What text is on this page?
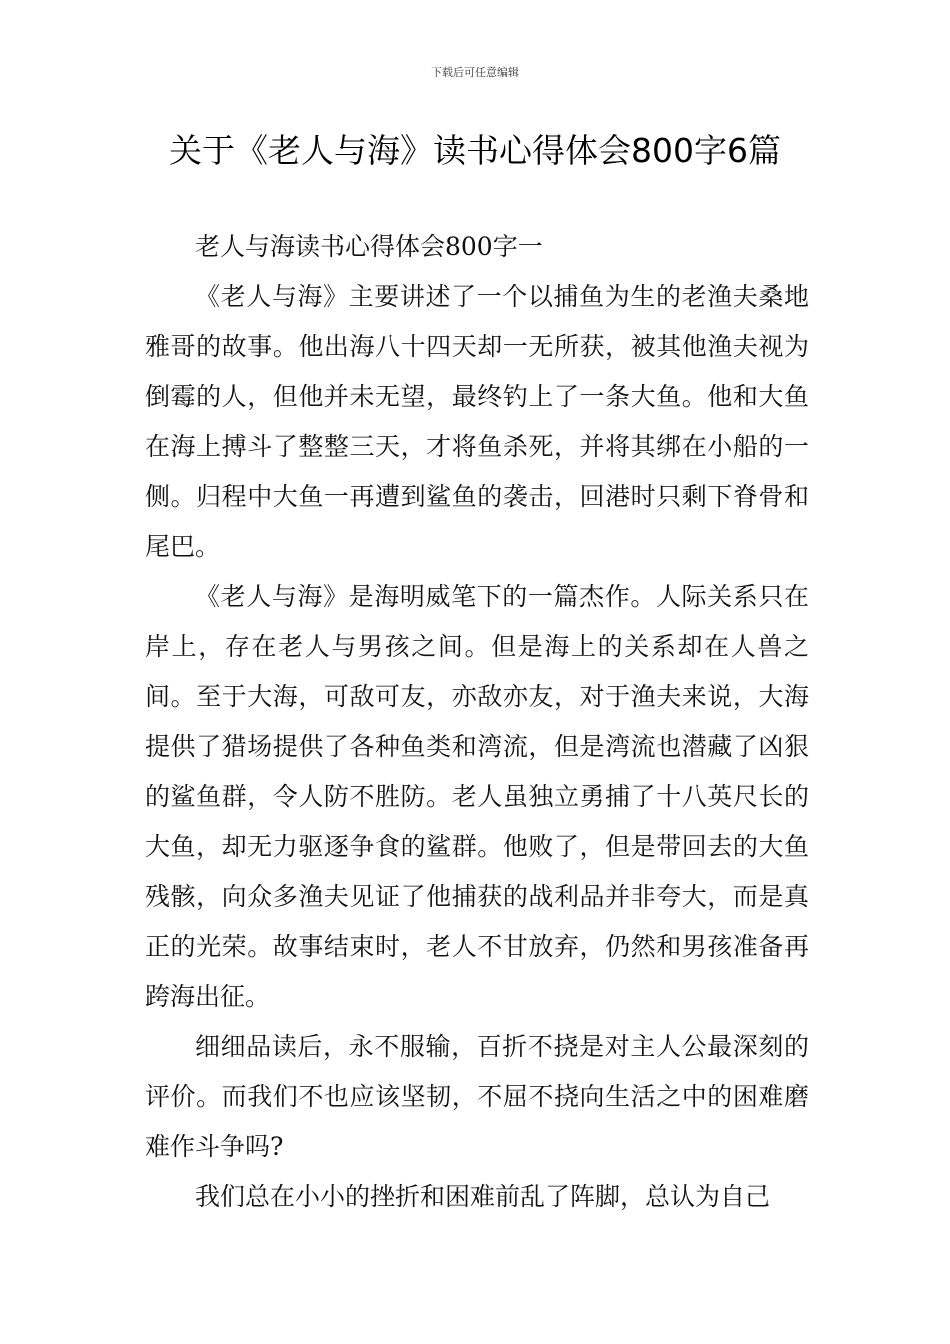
下载后可任意编辑
关于《老人与海》读书心得体会800字6篇

老人与海读书心得体会800字一

《老人与海》主要讲述了一个以捕鱼为生的老渔夫桑地雅哥的故事。他出海八十四天却一无所获，被其他渔夫视为倒霉的人，但他并未无望，最终钓上了一条大鱼。他和大鱼在海上搏斗了整整三天，才将鱼杀死，并将其绑在小船的一侧。归程中大鱼一再遭到鲨鱼的袭击，回港时只剩下脊骨和尾巴。

《老人与海》是海明威笔下的一篇杰作。人际关系只在岸上，存在老人与男孩之间。但是海上的关系却在人兽之间。至于大海，可敌可友，亦敌亦友，对于渔夫来说，大海提供了猎场提供了各种鱼类和湾流，但是湾流也潜藏了凶狠的鲨鱼群，令人防不胜防。老人虽独立勇捕了十八英尺长的大鱼，却无力驱逐争食的鲨群。他败了，但是带回去的大鱼残骸，向众多渔夫见证了他捕获的战利品并非夸大，而是真正的光荣。故事结束时，老人不甘放弃，仍然和男孩准备再跨海出征。

细细品读后，永不服输，百折不挠是对主人公最深刻的评价。而我们不也应该坚韧，不屈不挠向生活之中的困难磨难作斗争吗?

我们总在小小的挫折和困难前乱了阵脚，总认为自己
